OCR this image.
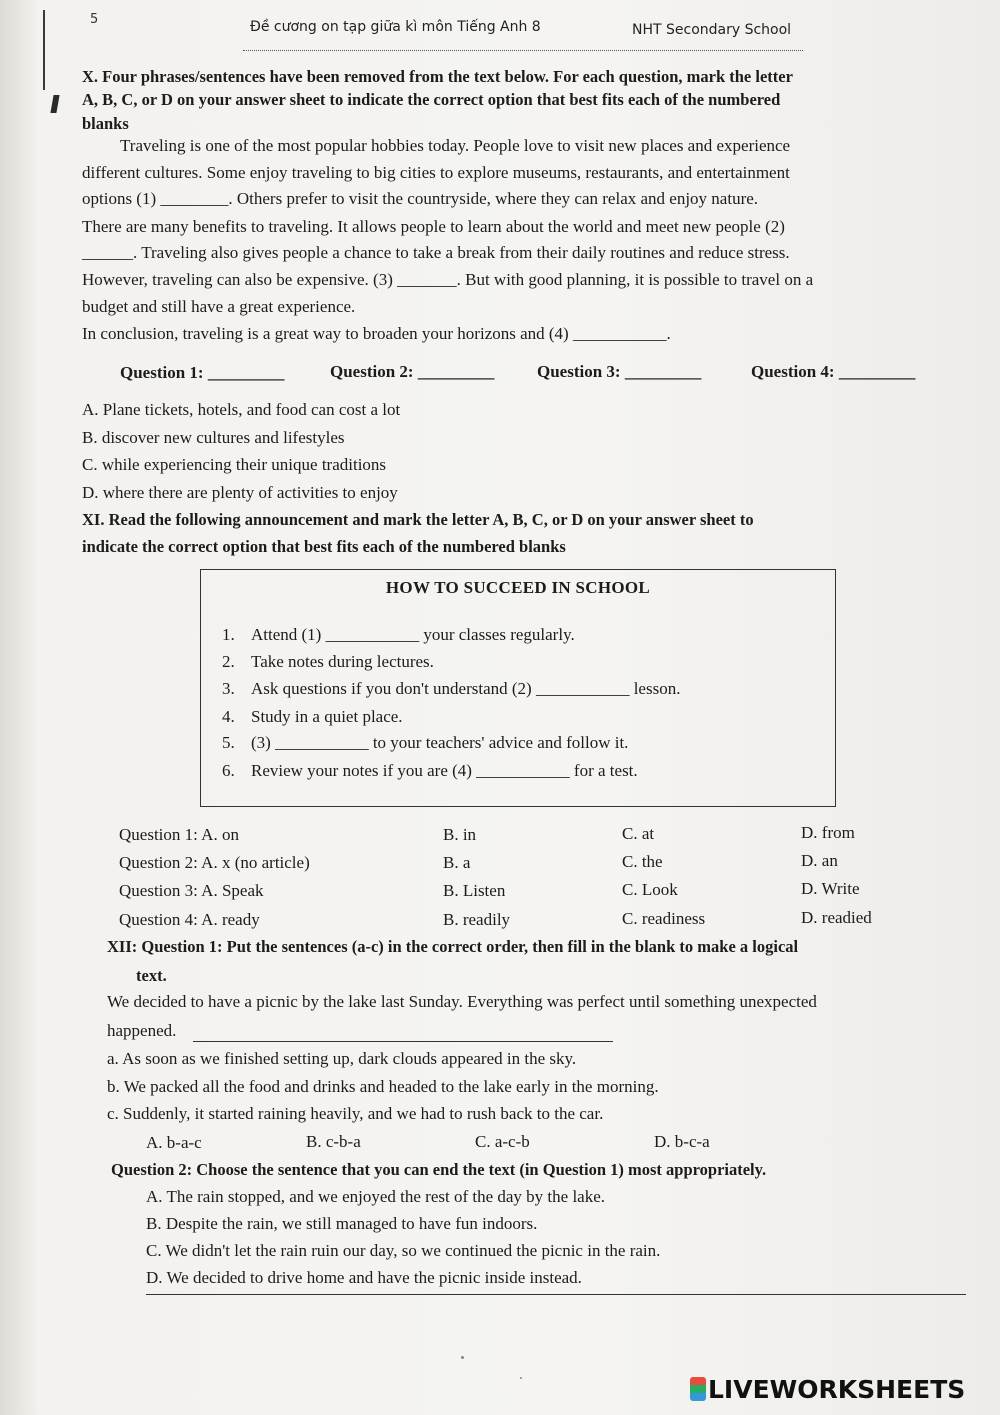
5	Đề cương on tạp giữa kì môn Tiếng Anh 8	NHT Secondary School
X. Four phrases/sentences have been removed from the text below. For each question, mark the letter
A, B, C, or D on your answer sheet to indicate the correct option that best fits each of the numbered
blanks
Traveling is one of the most popular hobbies today. People love to visit new places and experience
different cultures. Some enjoy traveling to big cities to explore museums, restaurants, and entertainment
options (1) ________. Others prefer to visit the countryside, where they can relax and enjoy nature.
There are many benefits to traveling. It allows people to learn about the world and meet new people (2)
______. Traveling also gives people a chance to take a break from their daily routines and reduce stress.
However, traveling can also be expensive. (3) _______. But with good planning, it is possible to travel on a
budget and still have a great experience.
In conclusion, traveling is a great way to broaden your horizons and (4) ___________.
Question 1: _________	Question 2: _________	Question 3: _________	Question 4: _________
A. Plane tickets, hotels, and food can cost a lot
B. discover new cultures and lifestyles
C. while experiencing their unique traditions
D. where there are plenty of activities to enjoy
XI. Read the following announcement and mark the letter A, B, C, or D on your answer sheet to
indicate the correct option that best fits each of the numbered blanks
HOW TO SUCCEED IN SCHOOL
1. Attend (1) ___________ your classes regularly.
2. Take notes during lectures.
3. Ask questions if you don't understand (2) ___________ lesson.
4. Study in a quiet place.
5. (3) ___________ to your teachers' advice and follow it.
6. Review your notes if you are (4) ___________ for a test.
Question 1: A. on	B. in	C. at	D. from
Question 2: A. x (no article)	B. a	C. the	D. an
Question 3: A. Speak	B. Listen	C. Look	D. Write
Question 4: A. ready	B. readily	C. readiness	D. readied
XII: Question 1: Put the sentences (a-c) in the correct order, then fill in the blank to make a logical
text.
We decided to have a picnic by the lake last Sunday. Everything was perfect until something unexpected
happened.
a. As soon as we finished setting up, dark clouds appeared in the sky.
b. We packed all the food and drinks and headed to the lake early in the morning.
c. Suddenly, it started raining heavily, and we had to rush back to the car.
A. b-a-c	B. c-b-a	C. a-c-b	D. b-c-a
Question 2: Choose the sentence that you can end the text (in Question 1) most appropriately.
A. The rain stopped, and we enjoyed the rest of the day by the lake.
B. Despite the rain, we still managed to have fun indoors.
C. We didn't let the rain ruin our day, so we continued the picnic in the rain.
D. We decided to drive home and have the picnic inside instead.
LIVEWORKSHEETS
